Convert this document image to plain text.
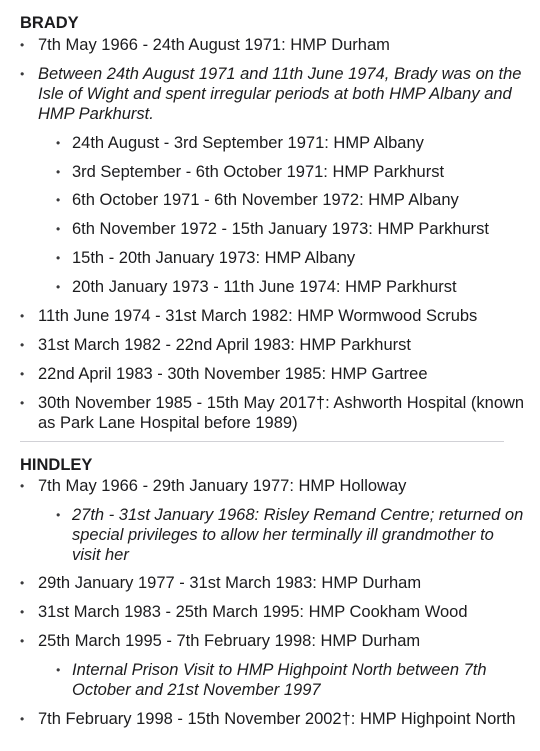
BRADY
• 7th May 1966 - 24th August 1971: HMP Durham
• Between 24th August 1971 and 11th June 1974, Brady was on the Isle of Wight and spent irregular periods at both HMP Albany and HMP Parkhurst.
• 24th August - 3rd September 1971: HMP Albany
• 3rd September - 6th October 1971: HMP Parkhurst
• 6th October 1971 - 6th November 1972: HMP Albany
• 6th November 1972 - 15th January 1973: HMP Parkhurst
• 15th - 20th January 1973: HMP Albany
• 20th January 1973 - 11th June 1974: HMP Parkhurst
• 11th June 1974 - 31st March 1982: HMP Wormwood Scrubs
• 31st March 1982 - 22nd April 1983: HMP Parkhurst
• 22nd April 1983 - 30th November 1985: HMP Gartree
• 30th November 1985 - 15th May 2017†: Ashworth Hospital (known as Park Lane Hospital before 1989)
HINDLEY
• 7th May 1966 - 29th January 1977: HMP Holloway
• 27th - 31st January 1968: Risley Remand Centre; returned on special privileges to allow her terminally ill grandmother to visit her
• 29th January 1977 - 31st March 1983: HMP Durham
• 31st March 1983 - 25th March 1995: HMP Cookham Wood
• 25th March 1995 - 7th February 1998: HMP Durham
• Internal Prison Visit to HMP Highpoint North between 7th October and 21st November 1997
• 7th February 1998 - 15th November 2002†: HMP Highpoint North
